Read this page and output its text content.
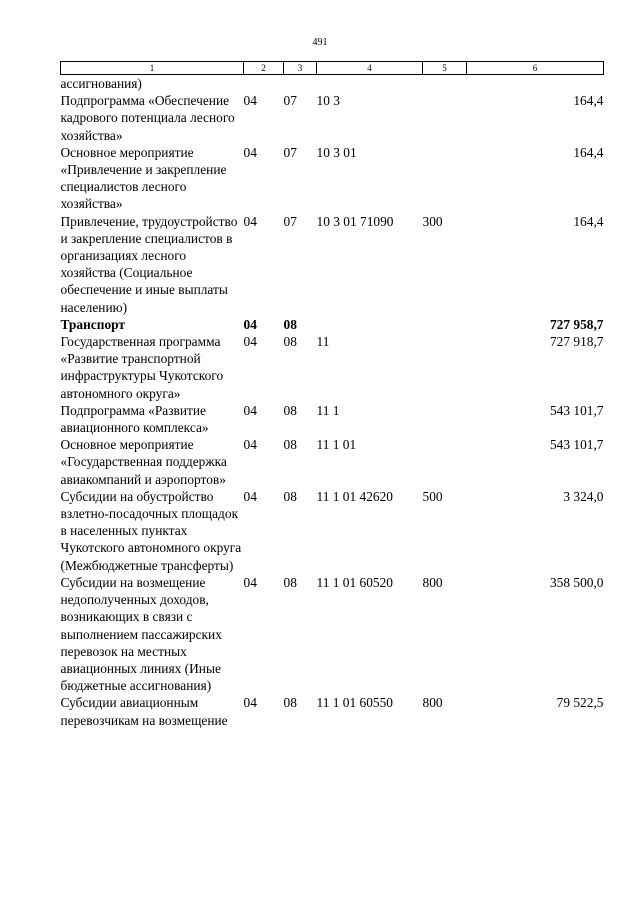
491
1	2	3	4	5	6
ассигнования)					
Подпрограмма «Обеспечение кадрового потенциала лесного хозяйства»	04	07	10 3		164,4
Основное мероприятие «Привлечение и закрепление специалистов лесного хозяйства»	04	07	10 3 01		164,4
Привлечение, трудоустройство и закрепление специалистов в организациях лесного хозяйства (Социальное обеспечение и иные выплаты населению)	04	07	10 3 01 71090	300	164,4
Транспорт	04	08			727 958,7
Государственная программа «Развитие транспортной инфраструктуры Чукотского автономного округа»	04	08	11		727 918,7
Подпрограмма «Развитие авиационного комплекса»	04	08	11 1		543 101,7
Основное мероприятие «Государственная поддержка авиакомпаний и аэропортов»	04	08	11 1 01		543 101,7
Субсидии на обустройство взлетно-посадочных площадок в населенных пунктах Чукотского автономного округа (Межбюджетные трансферты)	04	08	11 1 01 42620	500	3 324,0
Субсидии на возмещение недополученных доходов, возникающих в связи с выполнением пассажирских перевозок на местных авиационных линиях (Иные бюджетные ассигнования)	04	08	11 1 01 60520	800	358 500,0
Субсидии авиационным перевозчикам на возмещение	04	08	11 1 01 60550	800	79 522,5
